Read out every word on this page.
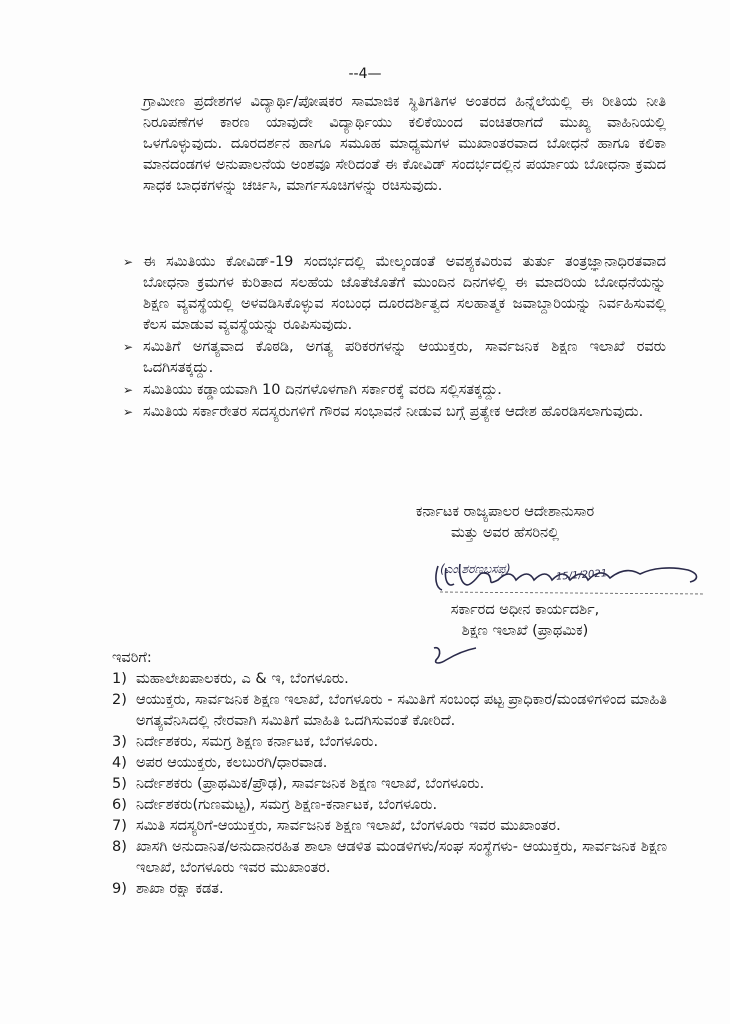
--4—
ಗ್ರಾಮೀಣ ಪ್ರದೇಶಗಳ ವಿದ್ಯಾರ್ಥಿ/ಪೋಷಕರ ಸಾಮಾಜಿಕ ಸ್ಥಿತಿಗತಿಗಳ ಅಂತರದ ಹಿನ್ನೆಲೆಯಲ್ಲಿ ಈ ರೀತಿಯ ನೀತಿ ನಿರೂಪಣೆಗಳ ಕಾರಣ ಯಾವುದೇ ವಿದ್ಯಾರ್ಥಿಯು ಕಲಿಕೆಯಿಂದ ವಂಚಿತರಾಗದೆ ಮುಖ್ಯ ವಾಹಿನಿಯಲ್ಲಿ ಒಳಗೊಳ್ಳುವುದು. ದೂರದರ್ಶನ ಹಾಗೂ ಸಮೂಹ ಮಾಧ್ಯಮಗಳ ಮುಖಾಂತರವಾದ ಬೋಧನೆ ಹಾಗೂ ಕಲಿಕಾ ಮಾನದಂಡಗಳ ಅನುಪಾಲನೆಯ ಅಂಶವೂ ಸೇರಿದಂತೆ ಈ ಕೋವಿಡ್ ಸಂದರ್ಭದಲ್ಲಿನ ಪರ್ಯಾಯ ಬೋಧನಾ ಕ್ರಮದ ಸಾಧಕ ಬಾಧಕಗಳನ್ನು ಚರ್ಚಿಸಿ, ಮಾರ್ಗಸೂಚಿಗಳನ್ನು ರಚಿಸುವುದು.
➢ ಈ ಸಮಿತಿಯು ಕೋವಿಡ್-19 ಸಂದರ್ಭದಲ್ಲಿ ಮೇಲ್ಕಂಡಂತೆ ಅವಶ್ಯಕವಿರುವ ತುರ್ತು ತಂತ್ರಜ್ಞಾನಾಧಿರತವಾದ ಬೋಧನಾ ಕ್ರಮಗಳ ಕುರಿತಾದ ಸಲಹೆಯ ಜೊತೆಜೊತೆಗೆ ಮುಂದಿನ ದಿನಗಳಲ್ಲಿ ಈ ಮಾದರಿಯ ಬೋಧನೆಯನ್ನು ಶಿಕ್ಷಣ ವ್ಯವಸ್ಥೆಯಲ್ಲಿ ಅಳವಡಿಸಿಕೊಳ್ಳುವ ಸಂಬಂಧ ದೂರದರ್ಶಿತ್ವದ ಸಲಹಾತ್ಮಕ ಜವಾಬ್ದಾರಿಯನ್ನು ನಿರ್ವಹಿಸುವಲ್ಲಿ ಕೆಲಸ ಮಾಡುವ ವ್ಯವಸ್ಥೆಯನ್ನು ರೂಪಿಸುವುದು.
➢ ಸಮಿತಿಗೆ ಅಗತ್ಯವಾದ ಕೊಠಡಿ, ಅಗತ್ಯ ಪರಿಕರಗಳನ್ನು ಆಯುಕ್ತರು, ಸಾರ್ವಜನಿಕ ಶಿಕ್ಷಣ ಇಲಾಖೆ ರವರು ಒದಗಿಸತಕ್ಕದ್ದು.
➢ ಸಮಿತಿಯು ಕಡ್ಡಾಯವಾಗಿ 10 ದಿನಗಳೊಳಗಾಗಿ ಸರ್ಕಾರಕ್ಕೆ ವರದಿ ಸಲ್ಲಿಸತಕ್ಕದ್ದು.
➢ ಸಮಿತಿಯ ಸರ್ಕಾರೇತರ ಸದಸ್ಯರುಗಳಿಗೆ ಗೌರವ ಸಂಭಾವನೆ ನೀಡುವ ಬಗ್ಗೆ ಪ್ರತ್ಯೇಕ ಆದೇಶ ಹೊರಡಿಸಲಾಗುವುದು.
ಕರ್ನಾಟಕ ರಾಜ್ಯಪಾಲರ ಆದೇಶಾನುಸಾರ
ಮತ್ತು ಅವರ ಹೆಸರಿನಲ್ಲಿ
(ಎಂ.ಶರಣಬಸಪ್ಪ)	15/1/2021
ಸರ್ಕಾರದ ಅಧೀನ ಕಾರ್ಯದರ್ಶಿ,
ಶಿಕ್ಷಣ ಇಲಾಖೆ (ಪ್ರಾಥಮಿಕ)
ಇವರಿಗೆ:
1) ಮಹಾಲೇಖಪಾಲಕರು, ಎ & ಇ, ಬೆಂಗಳೂರು.
2) ಆಯುಕ್ತರು, ಸಾರ್ವಜನಿಕ ಶಿಕ್ಷಣ ಇಲಾಖೆ, ಬೆಂಗಳೂರು - ಸಮಿತಿಗೆ ಸಂಬಂಧ ಪಟ್ಟ ಪ್ರಾಧಿಕಾರ/ಮಂಡಳಿಗಳಿಂದ ಮಾಹಿತಿ ಅಗತ್ಯವೆನಿಸಿದಲ್ಲಿ ನೇರವಾಗಿ ಸಮಿತಿಗೆ ಮಾಹಿತಿ ಒದಗಿಸುವಂತೆ ಕೋರಿದೆ.
3) ನಿರ್ದೇಶಕರು, ಸಮಗ್ರ ಶಿಕ್ಷಣ ಕರ್ನಾಟಕ, ಬೆಂಗಳೂರು.
4) ಅಪರ ಆಯುಕ್ತರು, ಕಲಬುರಗಿ/ಧಾರವಾಡ.
5) ನಿರ್ದೇಶಕರು (ಪ್ರಾಥಮಿಕ/ಪ್ರೌಢ), ಸಾರ್ವಜನಿಕ ಶಿಕ್ಷಣ ಇಲಾಖೆ, ಬೆಂಗಳೂರು.
6) ನಿರ್ದೇಶಕರು(ಗುಣಮಟ್ಟ), ಸಮಗ್ರ ಶಿಕ್ಷಣ-ಕರ್ನಾಟಕ, ಬೆಂಗಳೂರು.
7) ಸಮಿತಿ ಸದಸ್ಯರಿಗೆ-ಆಯುಕ್ತರು, ಸಾರ್ವಜನಿಕ ಶಿಕ್ಷಣ ಇಲಾಖೆ, ಬೆಂಗಳೂರು ಇವರ ಮುಖಾಂತರ.
8) ಖಾಸಗಿ ಅನುದಾನಿತ/ಅನುದಾನರಹಿತ ಶಾಲಾ ಆಡಳಿತ ಮಂಡಳಿಗಳು/ಸಂಘ ಸಂಸ್ಥೆಗಳು- ಆಯುಕ್ತರು, ಸಾರ್ವಜನಿಕ ಶಿಕ್ಷಣ ಇಲಾಖೆ, ಬೆಂಗಳೂರು ಇವರ ಮುಖಾಂತರ.
9) ಶಾಖಾ ರಕ್ಷಾ ಕಡತ.
